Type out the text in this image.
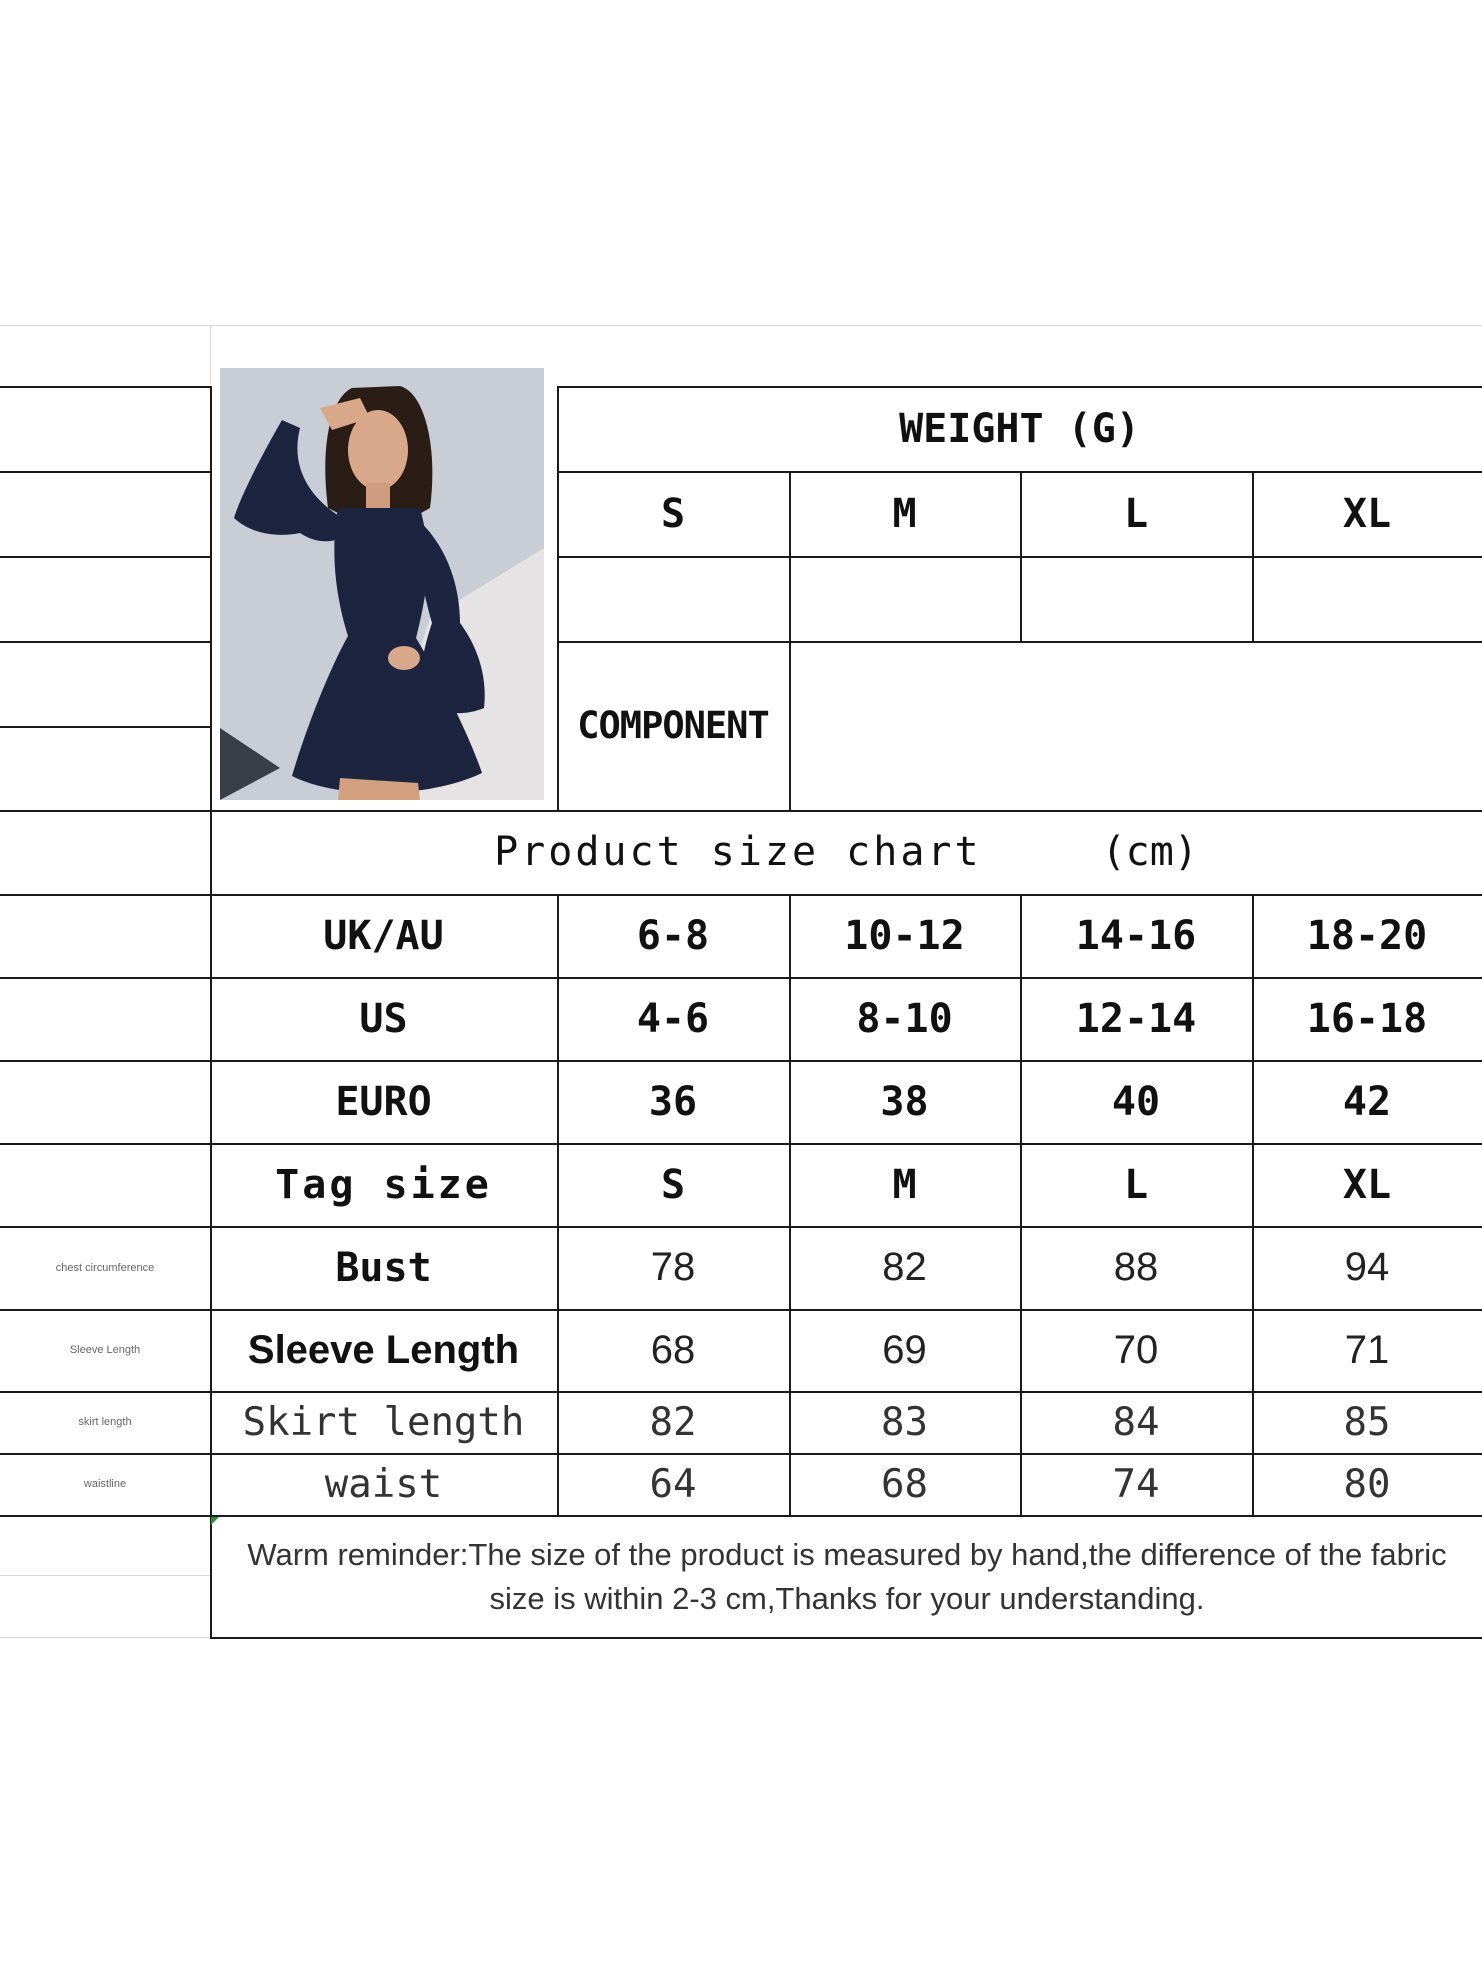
WEIGHT (G)
S	M	L	XL
COMPONENT
Product size chart	(cm)
UK/AU	6-8	10-12	14-16	18-20
US	4-6	8-10	12-14	16-18
EURO	36	38	40	42
Tag size	S	M	L	XL
chest circumference	Bust	78	82	88	94
Sleeve Length	Sleeve Length	68	69	70	71
skirt length	Skirt length	82	83	84	85
waistline	waist	64	68	74	80
Warm reminder:The size of the product is measured by hand,the difference of the fabric size is within 2-3 cm,Thanks for your understanding.
